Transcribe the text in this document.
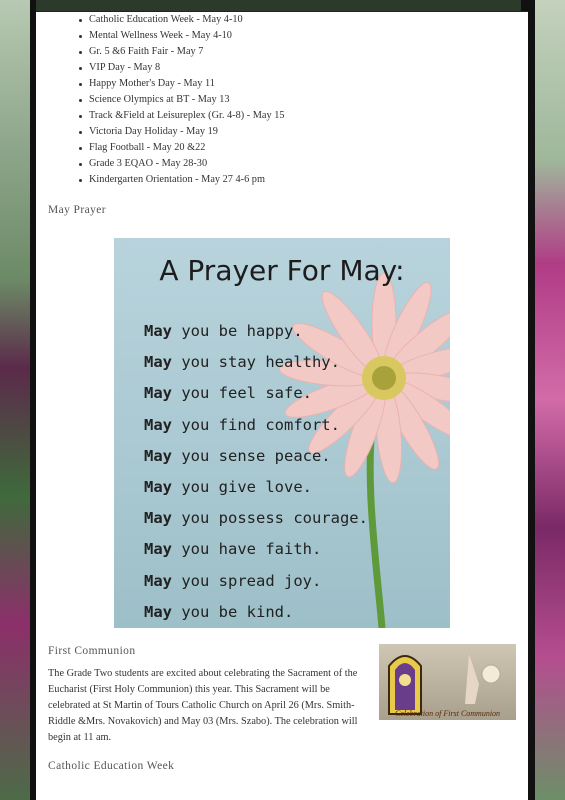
Catholic Education Week - May 4-10
Mental Wellness Week - May 4-10
Gr. 5 &6 Faith Fair - May 7
VIP Day - May 8
Happy Mother's Day - May 11
Science Olympics at BT - May 13
Track &Field at Leisureplex (Gr. 4-8) - May 15
Victoria Day Holiday - May 19
Flag Football - May 20 &22
Grade 3 EQAO - May 28-30
Kindergarten Orientation - May 27 4-6 pm
May Prayer
A Prayer For May:
May you be happy.
May you stay healthy.
May you feel safe.
May you find comfort.
May you sense peace.
May you give love.
May you possess courage.
May you have faith.
May you spread joy.
May you be kind.
First Communion
The Grade Two students are excited about celebrating the Sacrament of the Eucharist (First Holy Communion) this year. This Sacrament will be celebrated at St Martin of Tours Catholic Church on April 26 (Mrs. Smith-Riddle &Mrs. Novakovich) and May 03 (Mrs. Szabo). The celebration will begin at 11 am.
Celebration of First Communion
Catholic Education Week
